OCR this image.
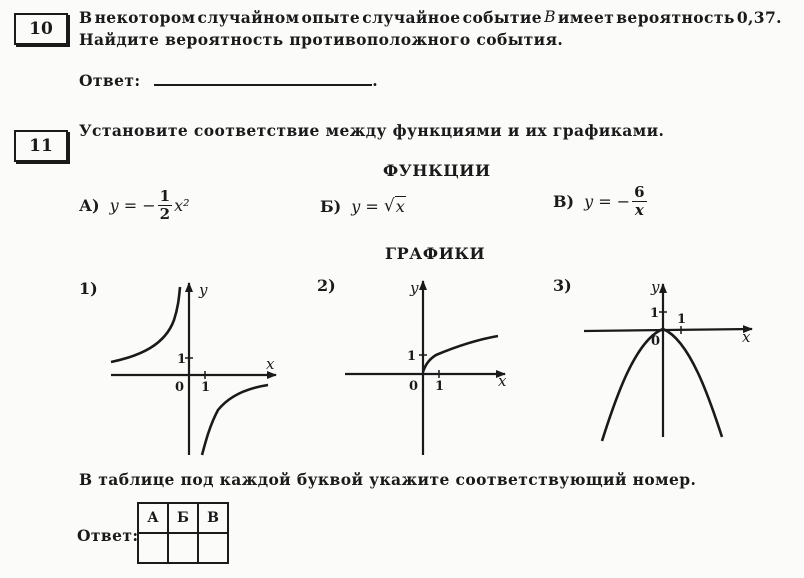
10
В некотором случайном опыте случайное событие B имеет вероятность 0,37.
Найдите вероятность противоположного события.
Ответ:	.
11
Установите соответствие между функциями и их графиками.
ФУНКЦИИ
А) y = − $\frac{1}{2} x^2$	Б) y = √ x	В) y = − $\frac{6}{x}$
ГРАФИКИ
1)	2)	3)
y
x
1
0 1
y
x
1
0 1
y
x
1
0
1
В таблице под каждой буквой укажите соответствующий номер.
Ответ:
А	Б	В
